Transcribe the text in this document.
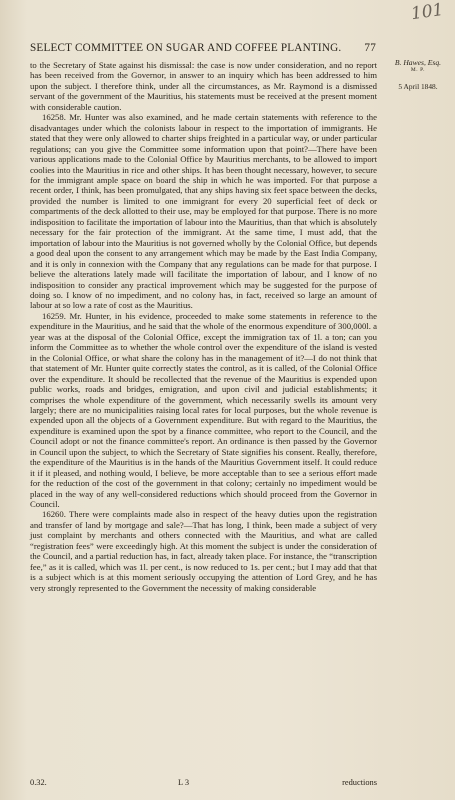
101
SELECT COMMITTEE ON SUGAR AND COFFEE PLANTING. 77
B. Hawes, Esq.
M. P.
5 April 1848.

to the Secretary of State against his dismissal: the case is now under consideration, and no report has been received from the Governor, in answer to an inquiry which has been addressed to him upon the subject. I therefore think, under all the circumstances, as Mr. Raymond is a dismissed servant of the government of the Mauritius, his statements must be received at the present moment with considerable caution.

16258. Mr. Hunter was also examined, and he made certain statements with reference to the disadvantages under which the colonists labour in respect to the importation of immigrants. He stated that they were only allowed to charter ships freighted in a particular way, or under particular regulations; can you give the Committee some information upon that point?—There have been various applications made to the Colonial Office by Mauritius merchants, to be allowed to import coolies into the Mauritius in rice and other ships. It has been thought necessary, however, to secure for the immigrant ample space on board the ship in which he was imported. For that purpose a recent order, I think, has been promulgated, that any ships having six feet space between the decks, provided the number is limited to one immigrant for every 20 superficial feet of deck or compartments of the deck allotted to their use, may be employed for that purpose. There is no more indisposition to facilitate the importation of labour into the Mauritius, than that which is absolutely necessary for the fair protection of the immigrant. At the same time, I must add, that the importation of labour into the Mauritius is not governed wholly by the Colonial Office, but depends a good deal upon the consent to any arrangement which may be made by the East India Company, and it is only in connexion with the Company that any regulations can be made for that purpose. I believe the alterations lately made will facilitate the importation of labour, and I know of no indisposition to consider any practical improvement which may be suggested for the purpose of doing so. I know of no impediment, and no colony has, in fact, received so large an amount of labour at so low a rate of cost as the Mauritius.

16259. Mr. Hunter, in his evidence, proceeded to make some statements in reference to the expenditure in the Mauritius, and he said that the whole of the enormous expenditure of 300,000l. a year was at the disposal of the Colonial Office, except the immigration tax of 1l. a ton; can you inform the Committee as to whether the whole control over the expenditure of the island is vested in the Colonial Office, or what share the colony has in the management of it?—I do not think that that statement of Mr. Hunter quite correctly states the control, as it is called, of the Colonial Office over the expenditure. It should be recollected that the revenue of the Mauritius is expended upon public works, roads and bridges, emigration, and upon civil and judicial establishments; it comprises the whole expenditure of the government, which necessarily swells its amount very largely; there are no municipalities raising local rates for local purposes, but the whole revenue is expended upon all the objects of a Government expenditure. But with regard to the Mauritius, the expenditure is examined upon the spot by a finance committee, who report to the Council, and the Council adopt or not the finance committee's report. An ordinance is then passed by the Governor in Council upon the subject, to which the Secretary of State signifies his consent. Really, therefore, the expenditure of the Mauritius is in the hands of the Mauritius Government itself. It could reduce it if it pleased, and nothing would, I believe, be more acceptable than to see a serious effort made for the reduction of the cost of the government in that colony; certainly no impediment would be placed in the way of any well-considered reductions which should proceed from the Governor in Council.

16260. There were complaints made also in respect of the heavy duties upon the registration and transfer of land by mortgage and sale?—That has long, I think, been made a subject of very just complaint by merchants and others connected with the Mauritius, and what are called “registration fees” were exceedingly high. At this moment the subject is under the consideration of the Council, and a partial reduction has, in fact, already taken place. For instance, the “transcription fee,” as it is called, which was 1l. per cent., is now reduced to 1s. per cent.; but I may add that that is a subject which is at this moment seriously occupying the attention of Lord Grey, and he has very strongly represented to the Government the necessity of making considerable

0.32.	L 3	reductions
